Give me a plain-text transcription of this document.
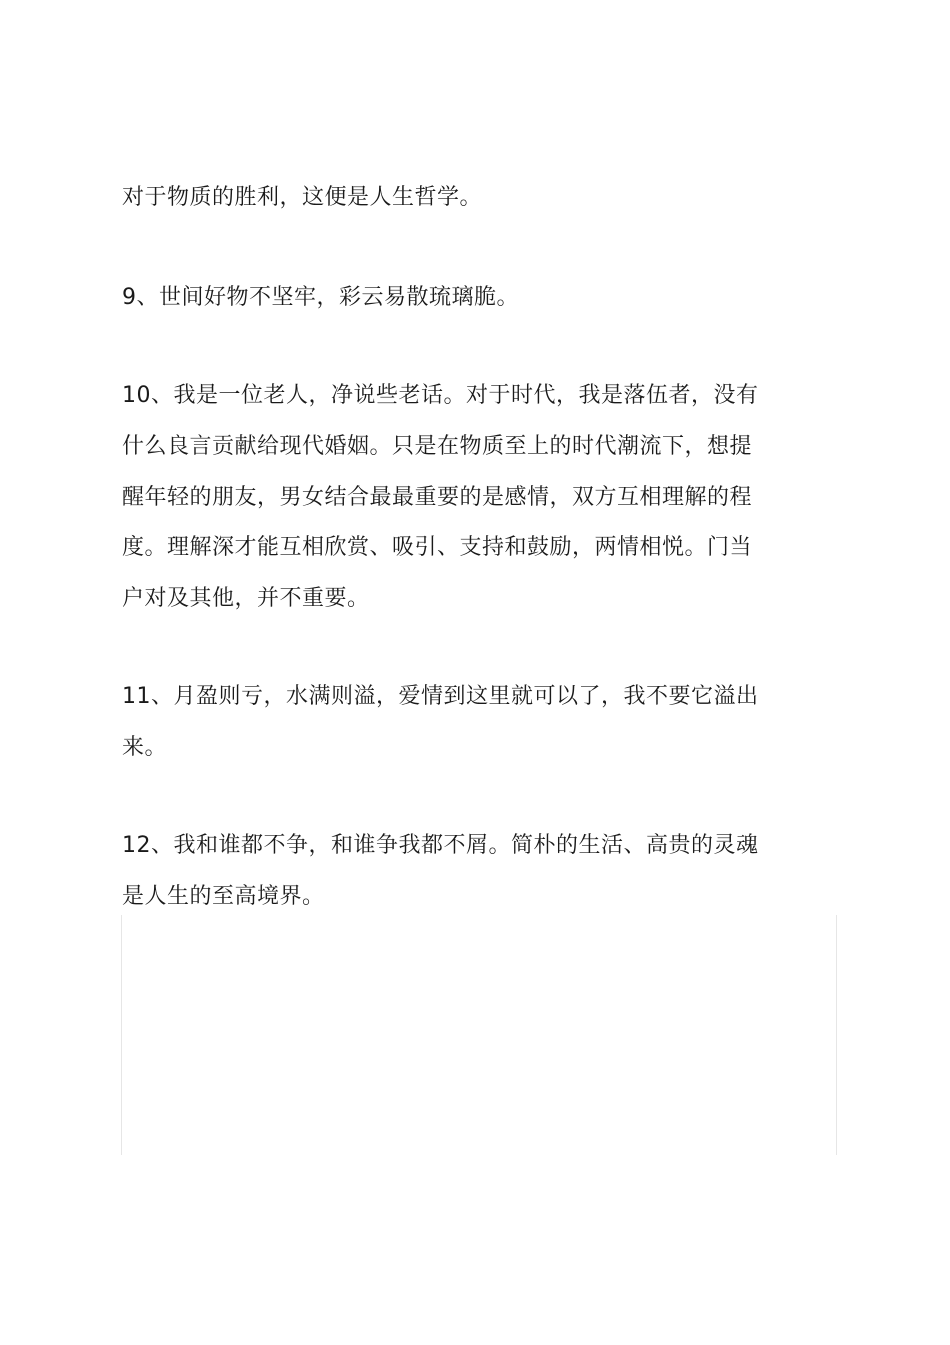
对于物质的胜利，这便是人生哲学。
9、世间好物不坚牢，彩云易散琉璃脆。
10、我是一位老人，净说些老话。对于时代，我是落伍者，没有
什么良言贡献给现代婚姻。只是在物质至上的时代潮流下，想提
醒年轻的朋友，男女结合最最重要的是感情，双方互相理解的程
度。理解深才能互相欣赏、吸引、支持和鼓励，两情相悦。门当
户对及其他，并不重要。
11、月盈则亏，水满则溢，爱情到这里就可以了，我不要它溢出
来。
12、我和谁都不争，和谁争我都不屑。简朴的生活、高贵的灵魂
是人生的至高境界。
